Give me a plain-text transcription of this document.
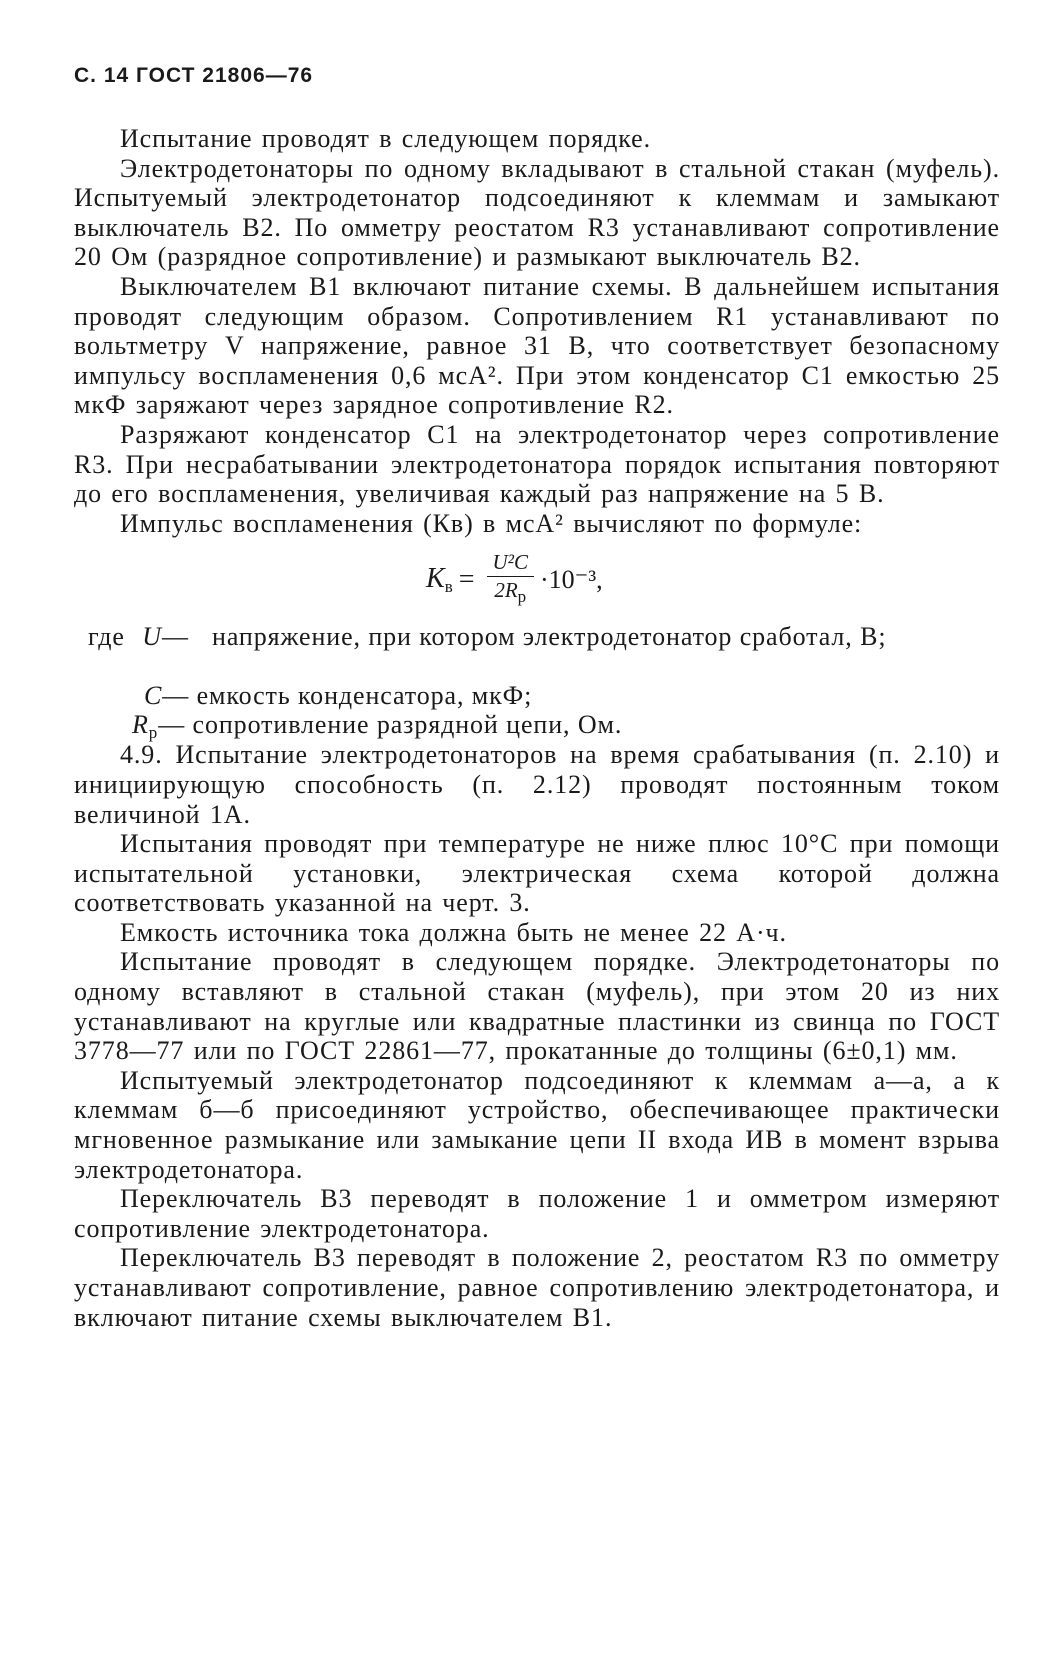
С. 14 ГОСТ 21806—76

Испытание проводят в следующем порядке.

Электродетонаторы по одному вкладывают в стальной стакан (муфель). Испытуемый электродетонатор подсоединяют к клеммам и замыкают выключатель В2. По омметру реостатом R3 устанавливают сопротивление 20 Ом (разрядное сопротивление) и размыкают выключатель В2.

Выключателем В1 включают питание схемы. В дальнейшем испытания проводят следующим образом. Сопротивлением R1 устанавливают по вольтметру V напряжение, равное 31 В, что соответствует безопасному импульсу воспламенения 0,6 мсА². При этом конденсатор С1 емкостью 25 мкФ заряжают через зарядное сопротивление R2.

Разряжают конденсатор С1 на электродетонатор через сопротивление R3. При несрабатывании электродетонатора порядок испытания повторяют до его воспламенения, увеличивая каждый раз напряжение на 5 В.

Импульс воспламенения (Кв) в мсА² вычисляют по формуле:

$K_в = \frac{\text{U²C}}{2R_р} \cdot 10^{-3}$,
где U— напряжение, при котором электродетонатор сработал, В;
С— емкость конденсатора, мкФ;
$R_р—$ сопротивление разрядной цепи, Ом.

4.9. Испытание электродетонаторов на время срабатывания (п. 2.10) и инициирующую способность (п. 2.12) проводят постоянным током величиной 1А.

Испытания проводят при температуре не ниже плюс 10°С при помощи испытательной установки, электрическая схема которой должна соответствовать указанной на черт. 3.

Емкость источника тока должна быть не менее 22 А·ч.

Испытание проводят в следующем порядке. Электродетонаторы по одному вставляют в стальной стакан (муфель), при этом 20 из них устанавливают на круглые или квадратные пластинки из свинца по ГОСТ 3778—77 или по ГОСТ 22861—77, прокатанные до толщины (6±0,1) мм.

Испытуемый электродетонатор подсоединяют к клеммам а—а, а к клеммам б—б присоединяют устройство, обеспечивающее практически мгновенное размыкание или замыкание цепи II входа ИВ в момент взрыва электродетонатора.

Переключатель В3 переводят в положение 1 и омметром измеряют сопротивление электродетонатора.

Переключатель В3 переводят в положение 2, реостатом R3 по омметру устанавливают сопротивление, равное сопротивлению электродетонатора, и включают питание схемы выключателем В1.
